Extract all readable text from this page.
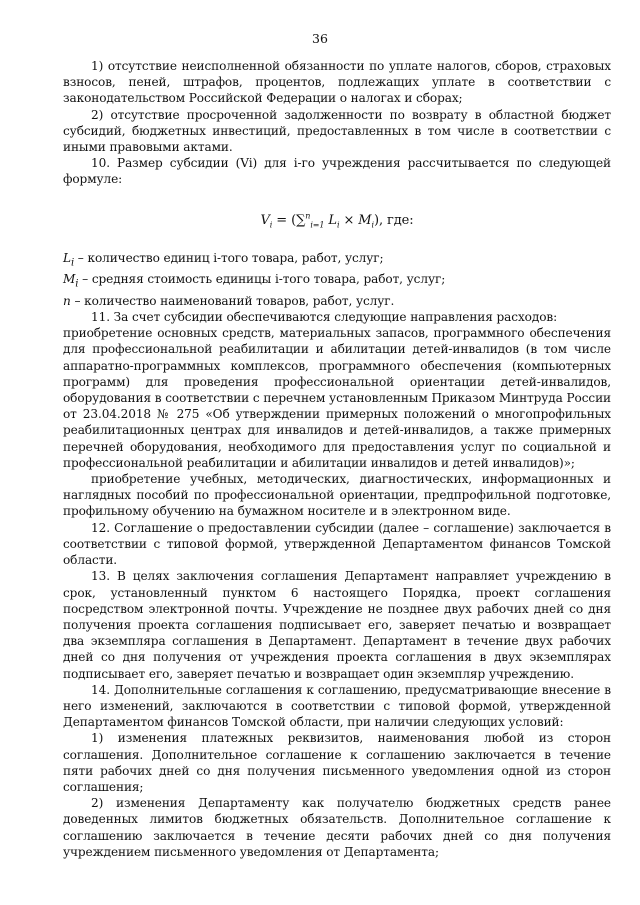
36

1) отсутствие неисполненной обязанности по уплате налогов, сборов, страховых взносов, пеней, штрафов, процентов, подлежащих уплате в соответствии с законодательством Российской Федерации о налогах и сборах;

2) отсутствие просроченной задолженности по возврату в областной бюджет субсидий, бюджетных инвестиций, предоставленных в том числе в соответствии с иными правовыми актами.

10. Размер субсидии (Vi) для i-го учреждения рассчитывается по следующей формуле:

$V_i = (\sum^n_{i=1}$ $L_i \times M_i$), где:

$L_i$ – количество единиц i-того товара, работ, услуг;

$M_i$ – средняя стоимость единицы i-того товара, работ, услуг;

n – количество наименований товаров, работ, услуг.

11. За счет субсидии обеспечиваются следующие направления расходов:

приобретение основных средств, материальных запасов, программного обеспечения для профессиональной реабилитации и абилитации детей-инвалидов (в том числе аппаратно-программных комплексов, программного обеспечения (компьютерных программ) для проведения профессиональной ориентации детей-инвалидов, оборудования в соответствии с перечнем установленным Приказом Минтруда России от 23.04.2018 № 275 «Об утверждении примерных положений о многопрофильных реабилитационных центрах для инвалидов и детей-инвалидов, а также примерных перечней оборудования, необходимого для предоставления услуг по социальной и профессиональной реабилитации и абилитации инвалидов и детей инвалидов)»;

приобретение учебных, методических, диагностических, информационных и наглядных пособий по профессиональной ориентации, предпрофильной подготовке, профильному обучению на бумажном носителе и в электронном виде.

12. Соглашение о предоставлении субсидии (далее – соглашение) заключается в соответствии с типовой формой, утвержденной Департаментом финансов Томской области.

13. В целях заключения соглашения Департамент направляет учреждению в срок, установленный пунктом 6 настоящего Порядка, проект соглашения посредством электронной почты. Учреждение не позднее двух рабочих дней со дня получения проекта соглашения подписывает его, заверяет печатью и возвращает два экземпляра соглашения в Департамент. Департамент в течение двух рабочих дней со дня получения от учреждения проекта соглашения в двух экземплярах подписывает его, заверяет печатью и возвращает один экземпляр учреждению.

14. Дополнительные соглашения к соглашению, предусматривающие внесение в него изменений, заключаются в соответствии с типовой формой, утвержденной Департаментом финансов Томской области, при наличии следующих условий:

1) изменения платежных реквизитов, наименования любой из сторон соглашения. Дополнительное соглашение к соглашению заключается в течение пяти рабочих дней со дня получения письменного уведомления одной из сторон соглашения;

2) изменения Департаменту как получателю бюджетных средств ранее доведенных лимитов бюджетных обязательств. Дополнительное соглашение к соглашению заключается в течение десяти рабочих дней со дня получения учреждением письменного уведомления от Департамента;
